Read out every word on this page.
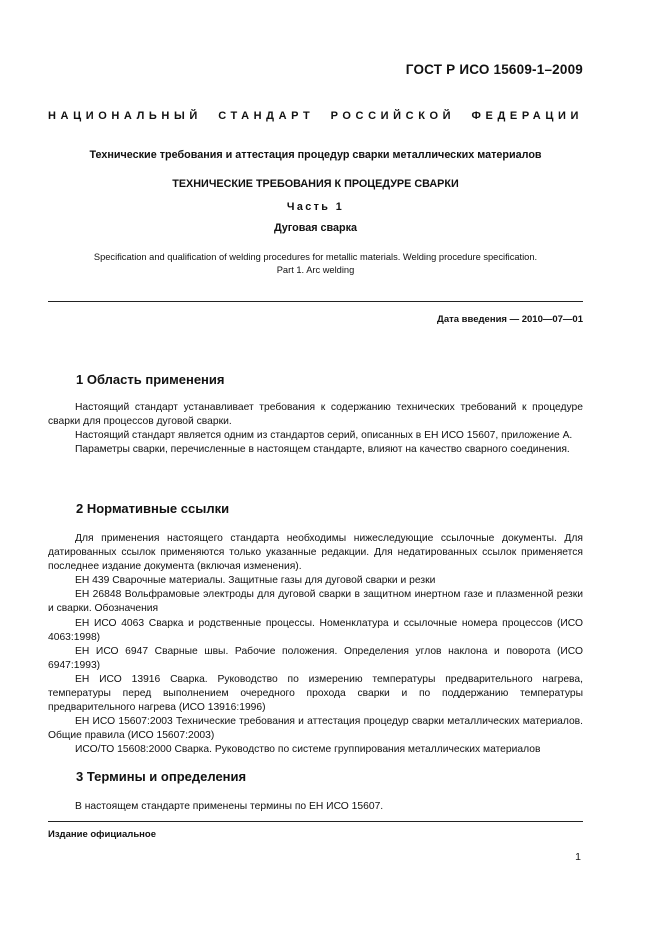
ГОСТ Р ИСО 15609-1–2009
НАЦИОНАЛЬНЫЙ СТАНДАРТ РОССИЙСКОЙ ФЕДЕРАЦИИ
Технические требования и аттестация процедур сварки металлических материалов
ТЕХНИЧЕСКИЕ ТРЕБОВАНИЯ К ПРОЦЕДУРЕ СВАРКИ
Часть 1
Дуговая сварка
Specification and qualification of welding procedures for metallic materials. Welding procedure specification.
Part 1. Arc welding
Дата введения — 2010—07—01
1 Область применения

Настоящий стандарт устанавливает требования к содержанию технических требований к процедуре сварки для процессов дуговой сварки.

Настоящий стандарт является одним из стандартов серий, описанных в ЕН ИСО 15607, приложение А.

Параметры сварки, перечисленные в настоящем стандарте, влияют на качество сварного соединения.

2 Нормативные ссылки

Для применения настоящего стандарта необходимы нижеследующие ссылочные документы. Для датированных ссылок применяются только указанные редакции. Для недатированных ссылок применяется последнее издание документа (включая изменения).

ЕН 439 Сварочные материалы. Защитные газы для дуговой сварки и резки

ЕН 26848 Вольфрамовые электроды для дуговой сварки в защитном инертном газе и плазменной резки и сварки. Обозначения

ЕН ИСО 4063 Сварка и родственные процессы. Номенклатура и ссылочные номера процессов (ИСО 4063:1998)

ЕН ИСО 6947 Сварные швы. Рабочие положения. Определения углов наклона и поворота (ИСО 6947:1993)

ЕН ИСО 13916 Сварка. Руководство по измерению температуры предварительного нагрева, температуры перед выполнением очередного прохода сварки и по поддержанию температуры предварительного нагрева (ИСО 13916:1996)

ЕН ИСО 15607:2003 Технические требования и аттестация процедур сварки металлических материалов. Общие правила (ИСО 15607:2003)

ИСО/ТО 15608:2000 Сварка. Руководство по системе группирования металлических материалов

3 Термины и определения

В настоящем стандарте применены термины по ЕН ИСО 15607.

Издание официальное
1
